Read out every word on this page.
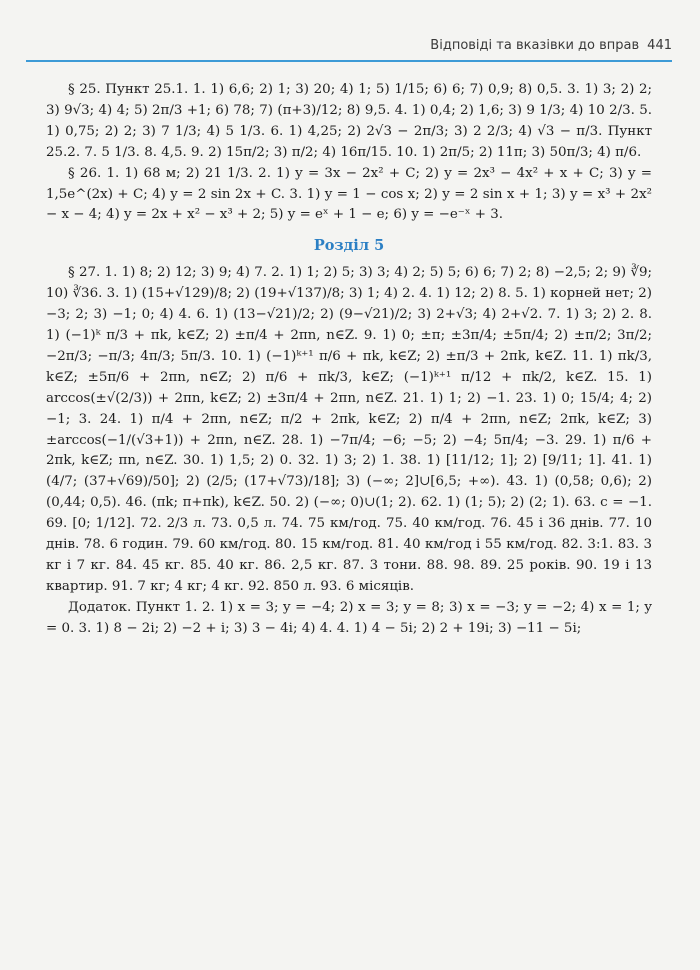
Відповіді та вказівки до вправ 441

§ 25. Пункт 25.1. 1. 1) 6,6; 2) 1; 3) 20; 4) 1; 5) 1/15; 6) 6; 7) 0,9; 8) 0,5. 3. 1) 3; 2) 2; 3) 9√3; 4) 4; 5) 2π/3 +1; 6) 78; 7) (π+3)/12; 8) 9,5. 4. 1) 0,4; 2) 1,6; 3) 9 1/3; 4) 10 2/3. 5. 1) 0,75; 2) 2; 3) 7 1/3; 4) 5 1/3. 6. 1) 4,25; 2) 2√3 − 2π/3; 3) 2 2/3; 4) √3 − π/3. Пункт 25.2. 7. 5 1/3. 8. 4,5. 9. 2) 15π/2; 3) π/2; 4) 16π/15. 10. 1) 2π/5; 2) 11π; 3) 50π/3; 4) π/6.

§ 26. 1. 1) 68 м; 2) 21 1/3. 2. 1) y = 3x − 2x² + C; 2) y = 2x³ − 4x² + x + C; 3) y = 1,5e^(2x) + C; 4) y = 2 sin 2x + C. 3. 1) y = 1 − cos x; 2) y = 2 sin x + 1; 3) y = x³ + 2x² − x − 4; 4) y = 2x + x² − x³ + 2; 5) y = eˣ + 1 − e; 6) y = −e⁻ˣ + 3.

Розділ 5

§ 27. 1. 1) 8; 2) 12; 3) 9; 4) 7. 2. 1) 1; 2) 5; 3) 3; 4) 2; 5) 5; 6) 6; 7) 2; 8) −2,5; 2; 9) ∛9; 10) ∛36. 3. 1) (15+√129)/8; 2) (19+√137)/8; 3) 1; 4) 2. 4. 1) 12; 2) 8. 5. 1) корней нет; 2) −3; 2; 3) −1; 0; 4) 4. 6. 1) (13−√21)/2; 2) (9−√21)/2; 3) 2+√3; 4) 2+√2. 7. 1) 3; 2) 2. 8. 1) (−1)ᵏ π/3 + πk, k∈Z; 2) ±π/4 + 2πn, n∈Z. 9. 1) 0; ±π; ±3π/4; ±5π/4; 2) ±π/2; 3π/2; −2π/3; −π/3; 4π/3; 5π/3. 10. 1) (−1)ᵏ⁺¹ π/6 + πk, k∈Z; 2) ±π/3 + 2πk, k∈Z. 11. 1) πk/3, k∈Z; ±5π/6 + 2πn, n∈Z; 2) π/6 + πk/3, k∈Z; (−1)ᵏ⁺¹ π/12 + πk/2, k∈Z. 15. 1) arccos(±√(2/3)) + 2πn, k∈Z; 2) ±3π/4 + 2πn, n∈Z. 21. 1) 1; 2) −1. 23. 1) 0; 15/4; 4; 2) −1; 3. 24. 1) π/4 + 2πn, n∈Z; π/2 + 2πk, k∈Z; 2) π/4 + 2πn, n∈Z; 2πk, k∈Z; 3) ±arccos(−1/(√3+1)) + 2πn, n∈Z. 28. 1) −7π/4; −6; −5; 2) −4; 5π/4; −3. 29. 1) π/6 + 2πk, k∈Z; πn, n∈Z. 30. 1) 1,5; 2) 0. 32. 1) 3; 2) 1. 38. 1) [11/12; 1]; 2) [9/11; 1]. 41. 1) (4/7; (37+√69)/50]; 2) (2/5; (17+√73)/18]; 3) (−∞; 2]∪[6,5; +∞). 43. 1) (0,58; 0,6); 2) (0,44; 0,5). 46. (πk; π+πk), k∈Z. 50. 2) (−∞; 0)∪(1; 2). 62. 1) (1; 5); 2) (2; 1). 63. c = −1. 69. [0; 1/12]. 72. 2/3 л. 73. 0,5 л. 74. 75 км/год. 75. 40 км/год. 76. 45 і 36 днів. 77. 10 днів. 78. 6 годин. 79. 60 км/год. 80. 15 км/год. 81. 40 км/год і 55 км/год. 82. 3:1. 83. 3 кг і 7 кг. 84. 45 кг. 85. 40 кг. 86. 2,5 кг. 87. 3 тони. 88. 98. 89. 25 років. 90. 19 і 13 квартир. 91. 7 кг; 4 кг; 4 кг. 92. 850 л. 93. 6 місяців.

Додаток. Пункт 1. 2. 1) x = 3; y = −4; 2) x = 3; y = 8; 3) x = −3; y = −2; 4) x = 1; y = 0. 3. 1) 8 − 2i; 2) −2 + i; 3) 3 − 4i; 4) 4. 4. 1) 4 − 5i; 2) 2 + 19i; 3) −11 − 5i;
